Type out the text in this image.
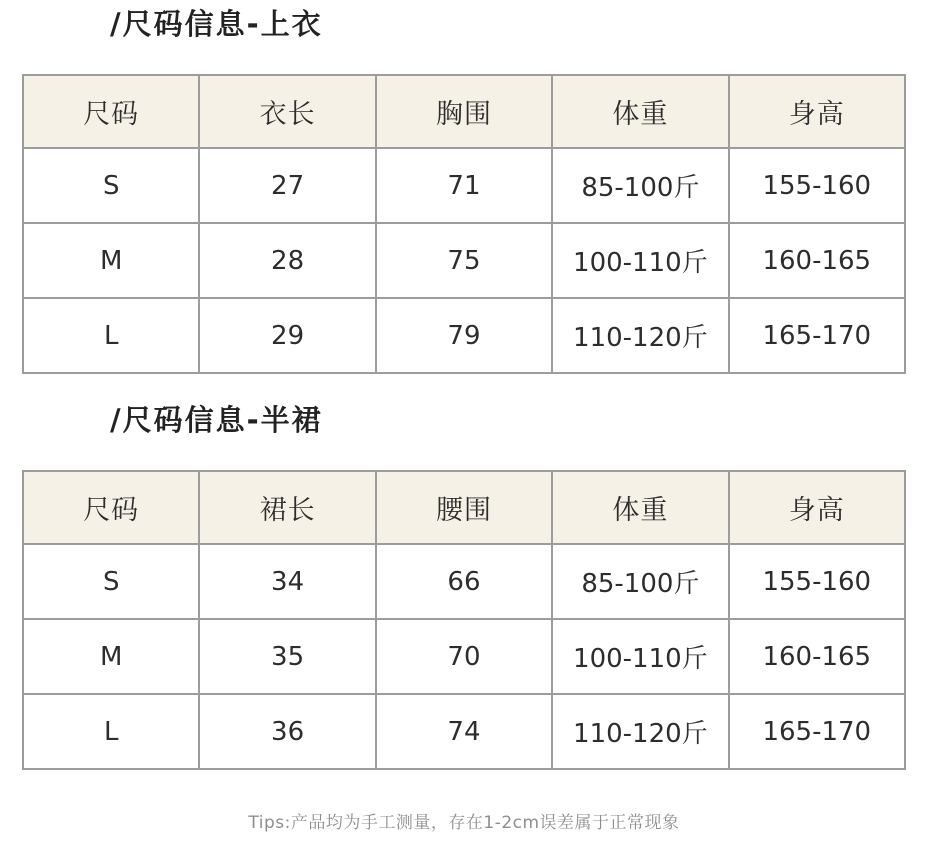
/尺码信息-上衣
尺码	衣长	胸围	体重	身高
S	27	71	85-100斤	155-160
M	28	75	100-110斤	160-165
L	29	79	110-120斤	165-170
/尺码信息-半裙
尺码	裙长	腰围	体重	身高
S	34	66	85-100斤	155-160
M	35	70	100-110斤	160-165
L	36	74	110-120斤	165-170
Tips:产品均为手工测量，存在1-2cm误差属于正常现象
